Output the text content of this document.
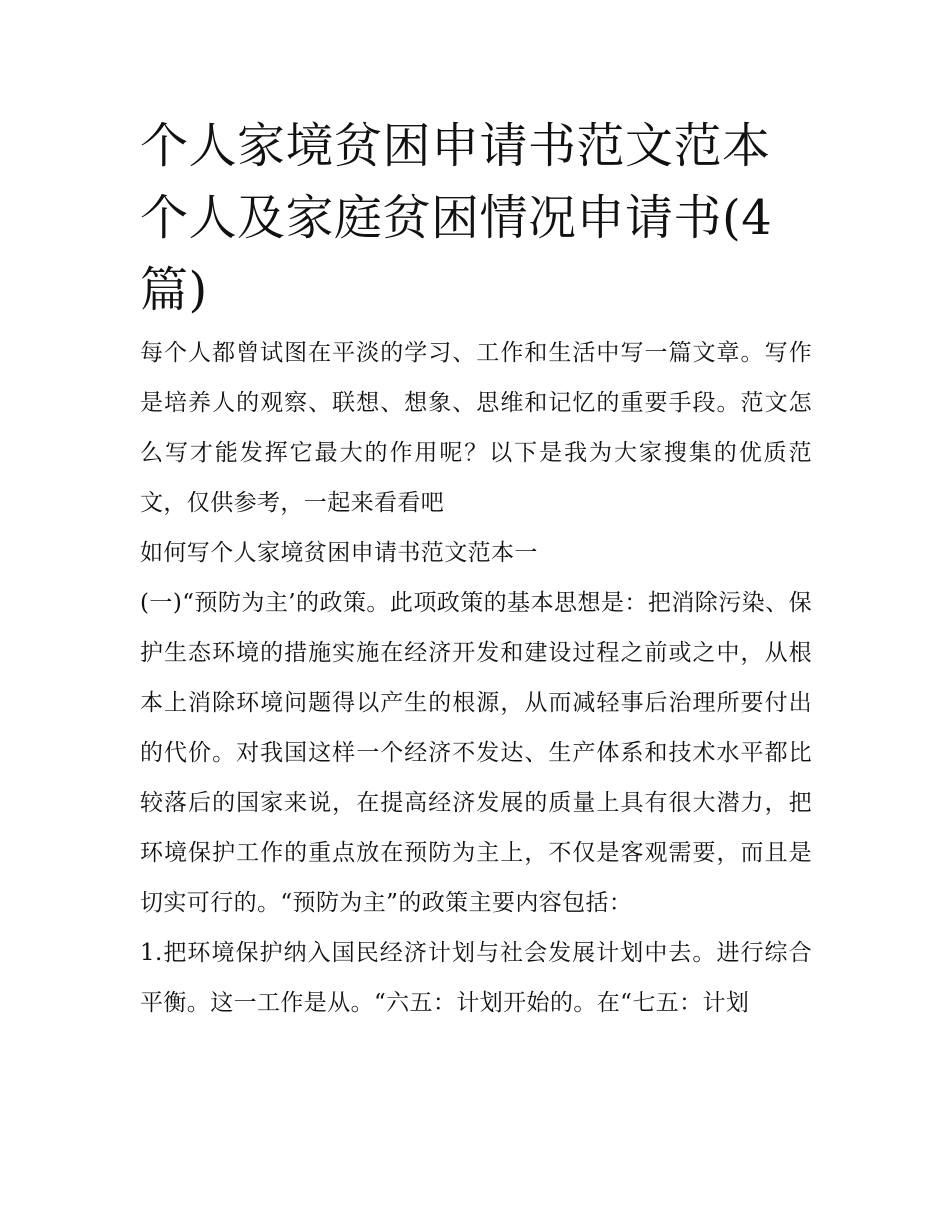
个人家境贫困申请书范文范本个人及家庭贫困情况申请书(4篇)

每个人都曾试图在平淡的学习、工作和生活中写一篇文章。写作是培养人的观察、联想、想象、思维和记忆的重要手段。范文怎么写才能发挥它最大的作用呢？以下是我为大家搜集的优质范文，仅供参考，一起来看看吧

如何写个人家境贫困申请书范文范本一

(一)“预防为主’的政策。此项政策的基本思想是：把消除污染、保护生态环境的措施实施在经济开发和建设过程之前或之中，从根本上消除环境问题得以产生的根源，从而减轻事后治理所要付出的代价。对我国这样一个经济不发达、生产体系和技术水平都比较落后的国家来说，在提高经济发展的质量上具有很大潜力，把环境保护工作的重点放在预防为主上，不仅是客观需要，而且是切实可行的。“预防为主”的政策主要内容包括：

1.把环境保护纳入国民经济计划与社会发展计划中去。进行综合平衡。这一工作是从。“六五：计划开始的。在“七五：计划
